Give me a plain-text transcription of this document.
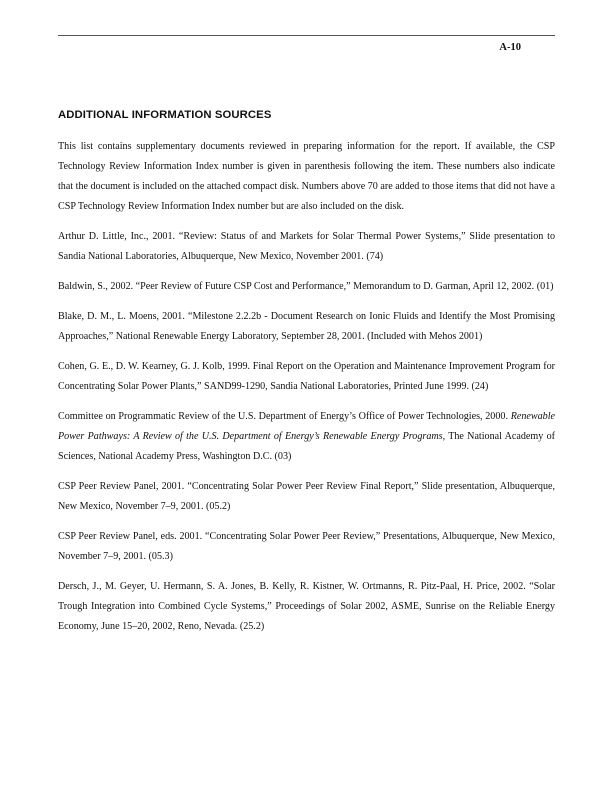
A-10
ADDITIONAL INFORMATION SOURCES

This list contains supplementary documents reviewed in preparing information for the report. If available, the CSP Technology Review Information Index number is given in parenthesis following the item. These numbers also indicate that the document is included on the attached compact disk. Numbers above 70 are added to those items that did not have a CSP Technology Review Information Index number but are also included on the disk.

Arthur D. Little, Inc., 2001. “Review: Status of and Markets for Solar Thermal Power Systems,” Slide presentation to Sandia National Laboratories, Albuquerque, New Mexico, November 2001. (74)

Baldwin, S., 2002. “Peer Review of Future CSP Cost and Performance,” Memorandum to D. Garman, April 12, 2002. (01)

Blake, D. M., L. Moens, 2001. “Milestone 2.2.2b - Document Research on Ionic Fluids and Identify the Most Promising Approaches,” National Renewable Energy Laboratory, September 28, 2001. (Included with Mehos 2001)

Cohen, G. E., D. W. Kearney, G. J. Kolb, 1999. Final Report on the Operation and Maintenance Improvement Program for Concentrating Solar Power Plants,” SAND99-1290, Sandia National Laboratories, Printed June 1999. (24)

Committee on Programmatic Review of the U.S. Department of Energy’s Office of Power Technologies, 2000. Renewable Power Pathways: A Review of the U.S. Department of Energy’s Renewable Energy Programs, The National Academy of Sciences, National Academy Press, Washington D.C. (03)

CSP Peer Review Panel, 2001. “Concentrating Solar Power Peer Review Final Report,” Slide presentation, Albuquerque, New Mexico, November 7–9, 2001. (05.2)

CSP Peer Review Panel, eds. 2001. “Concentrating Solar Power Peer Review,” Presentations, Albuquerque, New Mexico, November 7–9, 2001. (05.3)

Dersch, J., M. Geyer, U. Hermann, S. A. Jones, B. Kelly, R. Kistner, W. Ortmanns, R. Pitz-Paal, H. Price, 2002. “Solar Trough Integration into Combined Cycle Systems,” Proceedings of Solar 2002, ASME, Sunrise on the Reliable Energy Economy, June 15–20, 2002, Reno, Nevada. (25.2)
